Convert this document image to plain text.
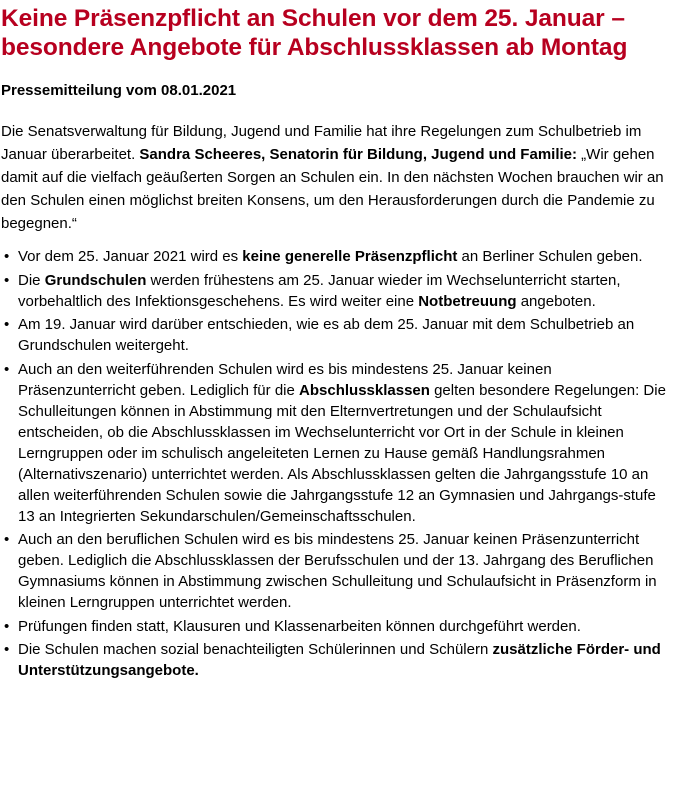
Keine Präsenzpflicht an Schulen vor dem 25. Januar – besondere Angebote für Abschlussklassen ab Montag

Pressemitteilung vom 08.01.2021

Die Senatsverwaltung für Bildung, Jugend und Familie hat ihre Regelungen zum Schulbetrieb im Januar überarbeitet. Sandra Scheeres, Senatorin für Bildung, Jugend und Familie: „Wir gehen damit auf die vielfach geäußerten Sorgen an Schulen ein. In den nächsten Wochen brauchen wir an den Schulen einen möglichst breiten Konsens, um den Herausforderungen durch die Pandemie zu begegnen.“

• Vor dem 25. Januar 2021 wird es keine generelle Präsenzpflicht an Berliner Schulen geben.
• Die Grundschulen werden frühestens am 25. Januar wieder im Wechselunterricht starten, vorbehaltlich des Infektionsgeschehens. Es wird weiter eine Notbetreuung angeboten.
• Am 19. Januar wird darüber entschieden, wie es ab dem 25. Januar mit dem Schulbetrieb an Grundschulen weitergeht.
• Auch an den weiterführenden Schulen wird es bis mindestens 25. Januar keinen Präsenzunterricht geben. Lediglich für die Abschlussklassen gelten besondere Regelungen: Die Schulleitungen können in Abstimmung mit den Elternvertretungen und der Schulaufsicht entscheiden, ob die Abschlussklassen im Wechselunterricht vor Ort in der Schule in kleinen Lerngruppen oder im schulisch angeleiteten Lernen zu Hause gemäß Handlungsrahmen (Alternativszenario) unterrichtet werden. Als Abschlussklassen gelten die Jahrgangsstufe 10 an allen weiterführenden Schulen sowie die Jahrgangsstufe 12 an Gymnasien und Jahrgangs-stufe 13 an Integrierten Sekundarschulen/Gemeinschaftsschulen.
• Auch an den beruflichen Schulen wird es bis mindestens 25. Januar keinen Präsenzunterricht geben. Lediglich die Abschlussklassen der Berufsschulen und der 13. Jahrgang des Beruflichen Gymnasiums können in Abstimmung zwischen Schulleitung und Schulaufsicht in Präsenzform in kleinen Lerngruppen unterrichtet werden.
• Prüfungen finden statt, Klausuren und Klassenarbeiten können durchgeführt werden.
• Die Schulen machen sozial benachteiligten Schülerinnen und Schülern zusätzliche Förder- und Unterstützungsangebote.
